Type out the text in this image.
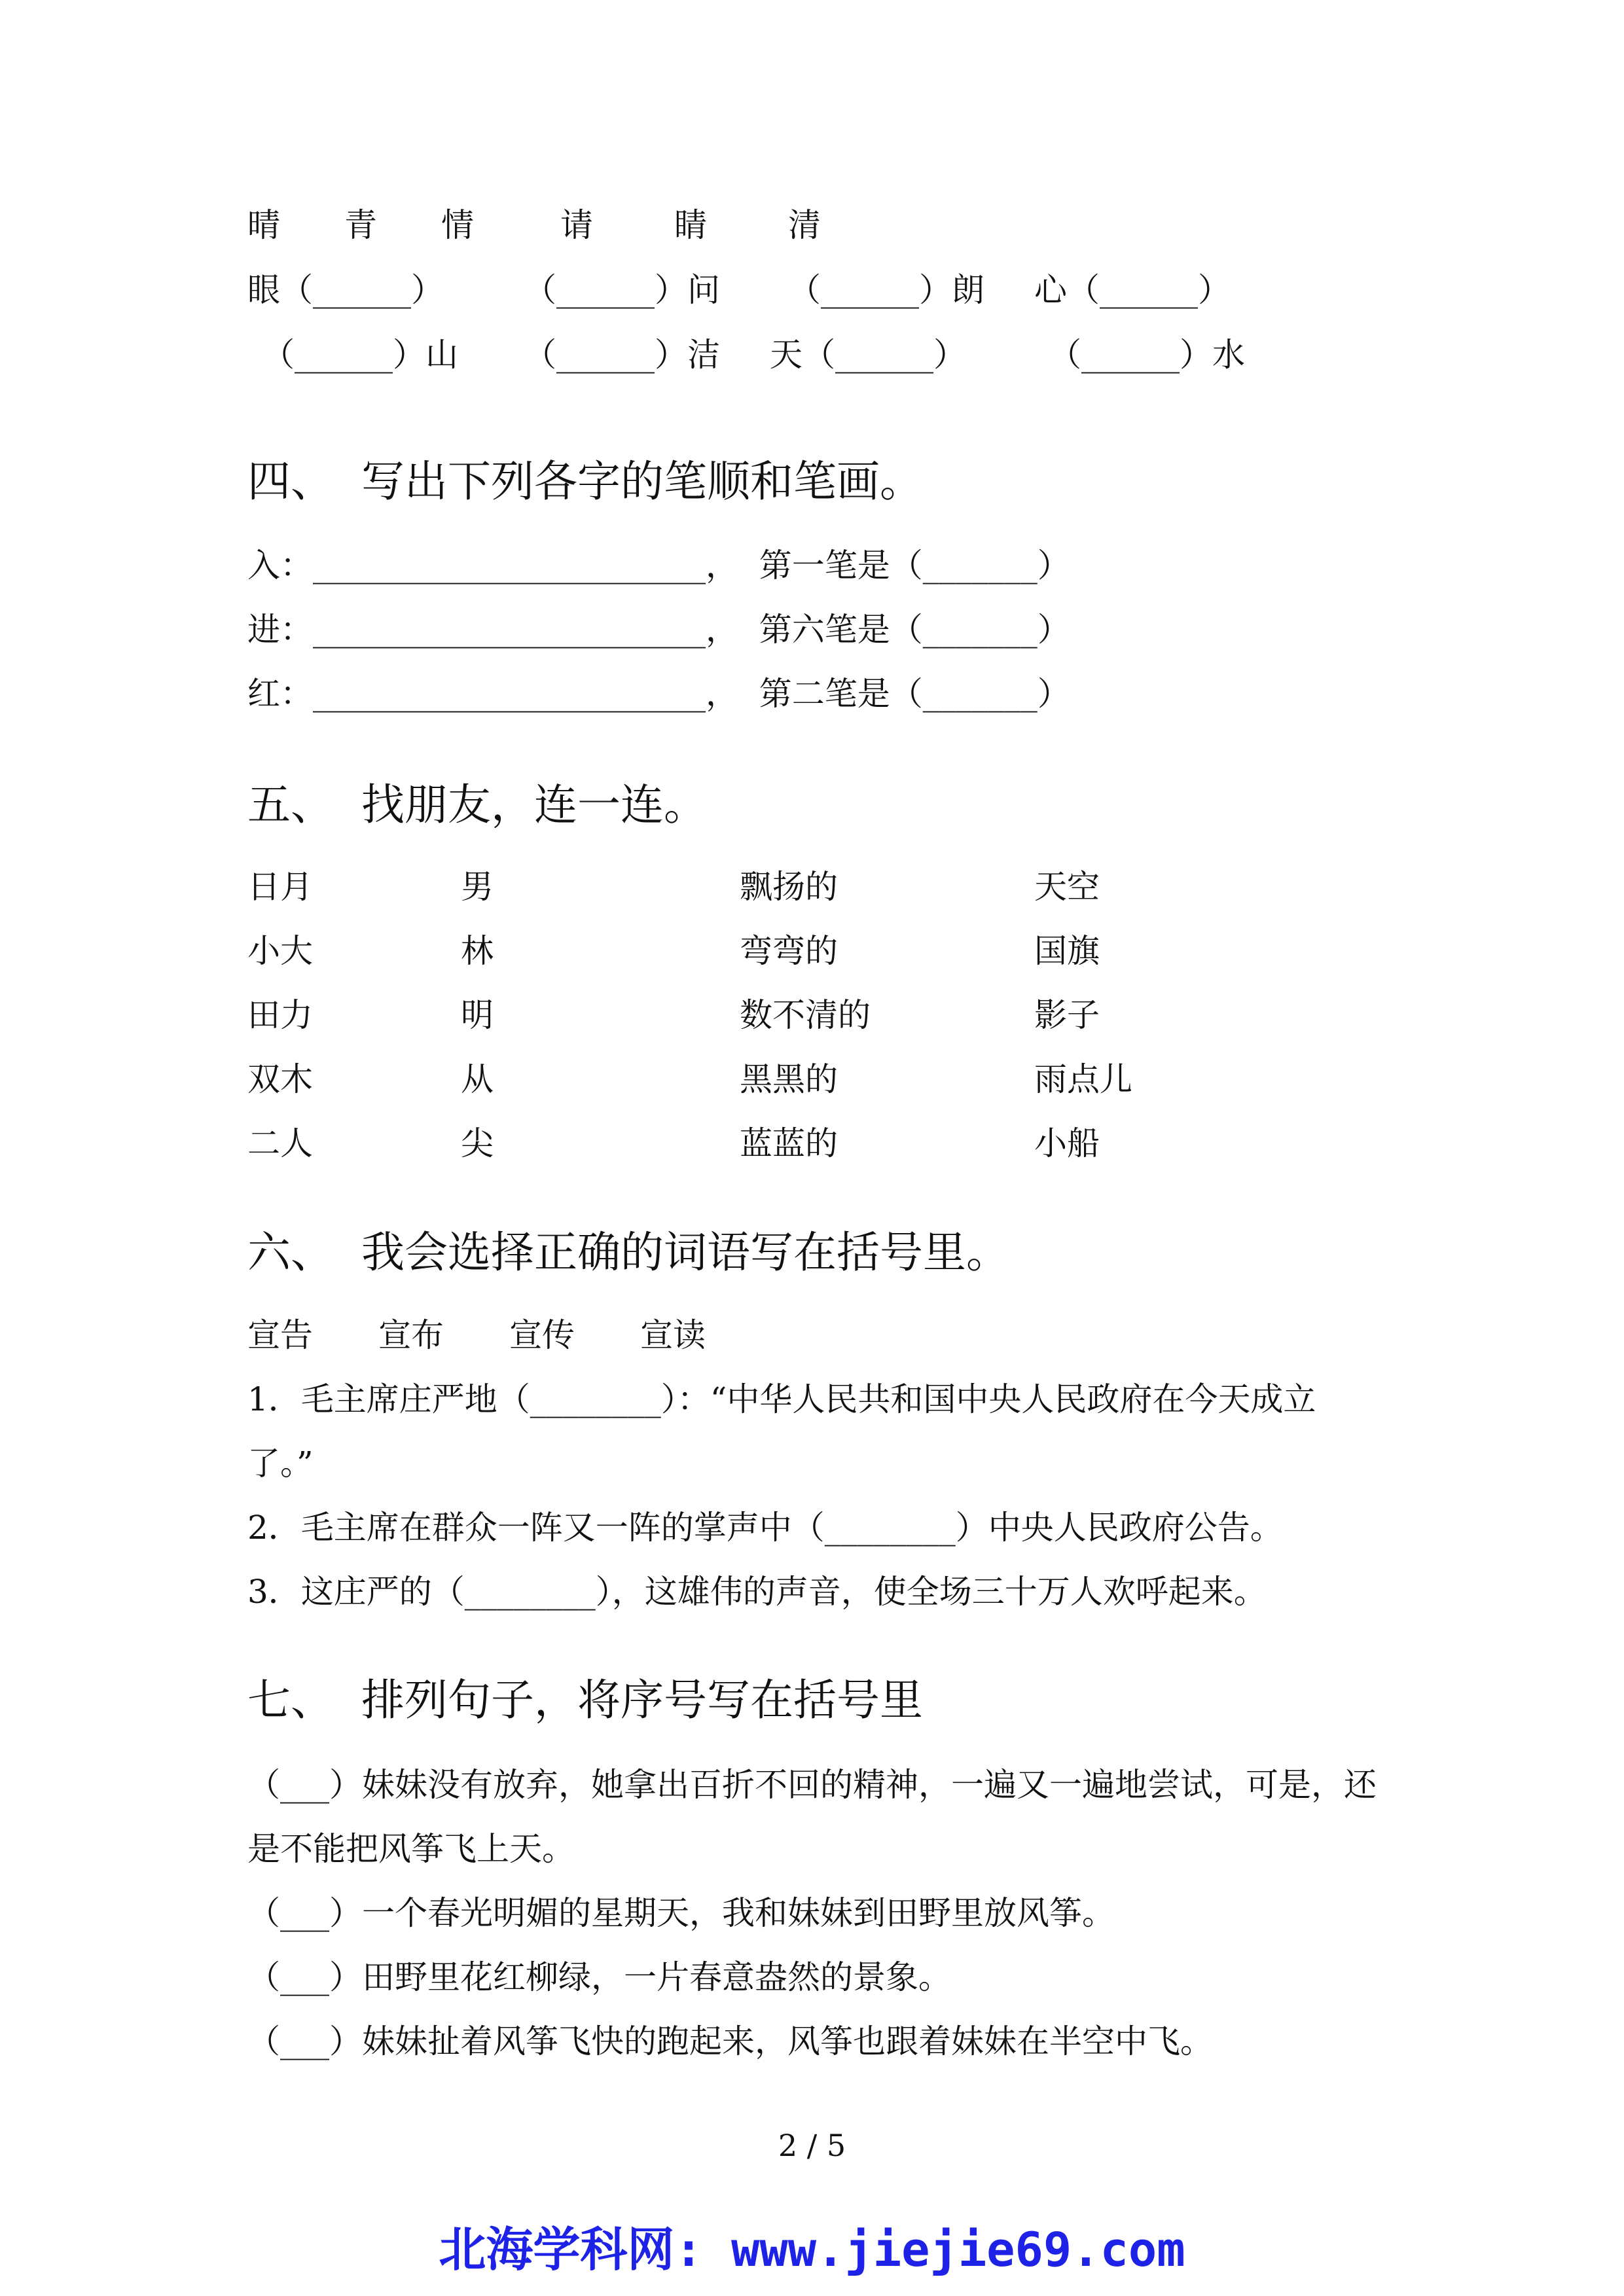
晴 青 情	请 睛 清
眼（______） （______）问 （______）朗 心（______）
（______）山 （______）洁 天（______）	（______）水
四、  写出下列各字的笔顺和笔画。
入：________________________，  第一笔是（_______）
进：________________________，  第六笔是（_______）
红：________________________，  第二笔是（_______）
五、  找朋友，连一连。
日月
小大
田力
双木
二人
男
林
明
从
尖
飘扬的
弯弯的
数不清的
黑黑的
蓝蓝的
天空
国旗
影子
雨点儿
小船
六、  我会选择正确的词语写在括号里。
宣告 宣布 宣传 宣读
1．毛主席庄严地（________）：“中华人民共和国中央人民政府在今天成立
了。”
2．毛主席在群众一阵又一阵的掌声中（________）中央人民政府公告。
3．这庄严的（________），这雄伟的声音，使全场三十万人欢呼起来。
七、  排列句子，将序号写在括号里
（___）妹妹没有放弃，她拿出百折不回的精神，一遍又一遍地尝试，可是，还
是不能把风筝飞上天。
（___）一个春光明媚的星期天，我和妹妹到田野里放风筝。
（___）田野里花红柳绿，一片春意盎然的景象。
（___）妹妹扯着风筝飞快的跑起来，风筝也跟着妹妹在半空中飞。
2 / 5
北海学科网: www.jiejie69.com
